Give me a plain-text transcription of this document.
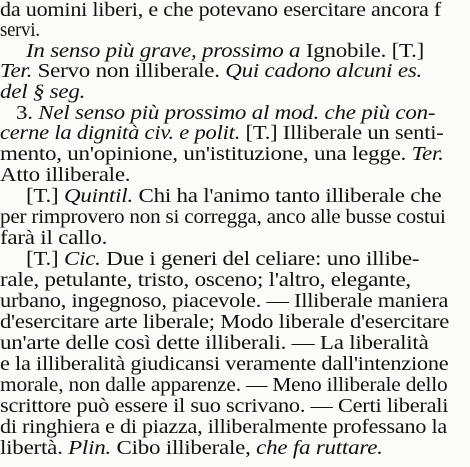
da uomini liberi, e che potevano esercitare ancora f
servi.
In senso più grave, prossimo a Ignobile. [T.]
Ter. Servo non illiberale. Qui cadono alcuni es.
del § seg.
3. Nel senso più prossimo al mod. che più con-
cerne la dignità civ. e polit. [T.] Illiberale un senti-
mento, un'opinione, un'istituzione, una legge. Ter.
Atto illiberale.
[T.] Quintil. Chi ha l'animo tanto illiberale che
per rimprovero non si corregga, anco alle busse costui
farà il callo.
[T.] Cic. Due i generi del celiare: uno illibe-
rale, petulante, tristo, osceno; l'altro, elegante,
urbano, ingegnoso, piacevole. — Illiberale maniera
d'esercitare arte liberale; Modo liberale d'esercitare
un'arte delle così dette illiberali. — La liberalità
e la illiberalità giudicansi veramente dall'intenzione
morale, non dalle apparenze. — Meno illiberale dello
scrittore può essere il suo scrivano. — Certi liberali
di ringhiera e di piazza, illiberalmente professano la
libertà. Plin. Cibo illiberale, che fa ruttare.
